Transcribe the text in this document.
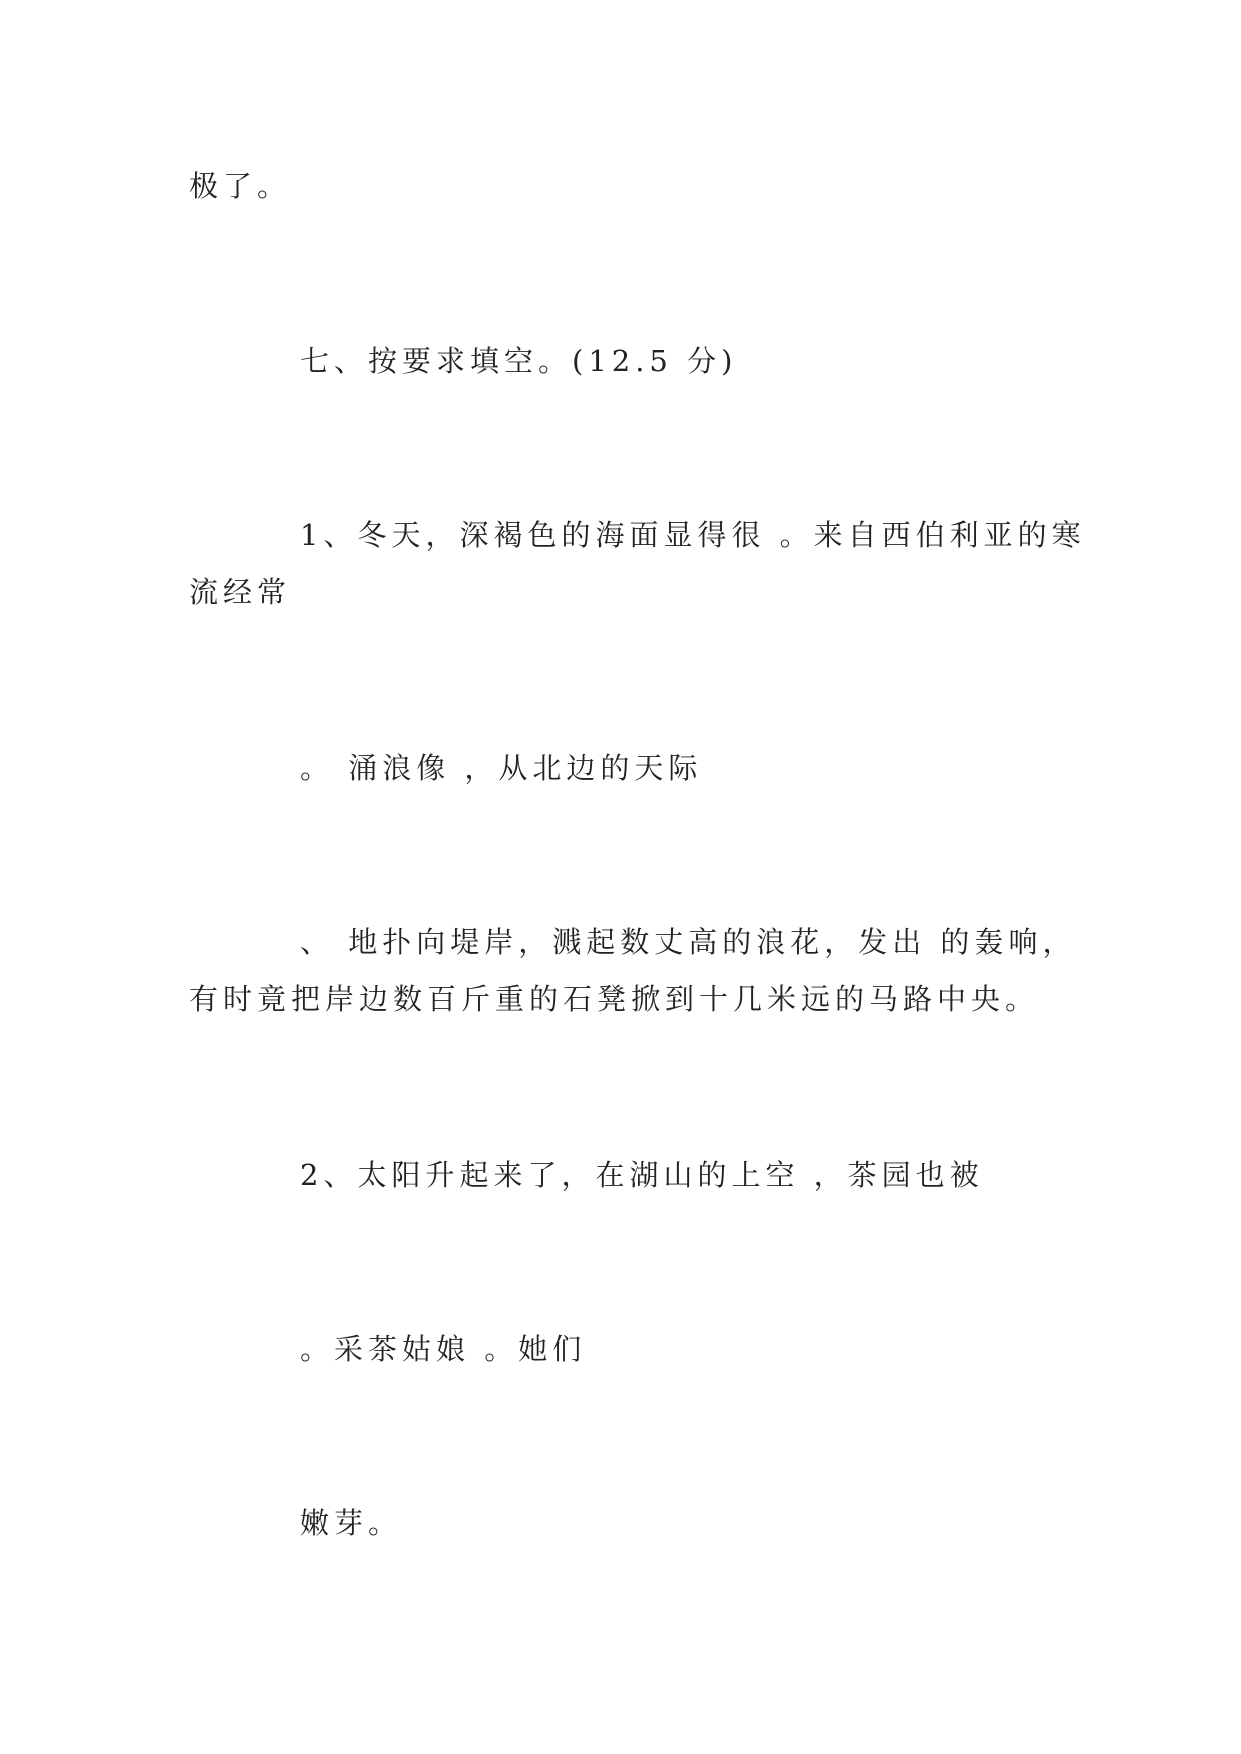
极了。
七、按要求填空。(12.5 分)
1、冬天，深褐色的海面显得很 。来自西伯利亚的寒
流经常
。 涌浪像 ，从北边的天际
、 地扑向堤岸，溅起数丈高的浪花，发出 的轰响，
有时竟把岸边数百斤重的石凳掀到十几米远的马路中央。
2、太阳升起来了，在湖山的上空 ，茶园也被
。采茶姑娘 。她们
嫩芽。
